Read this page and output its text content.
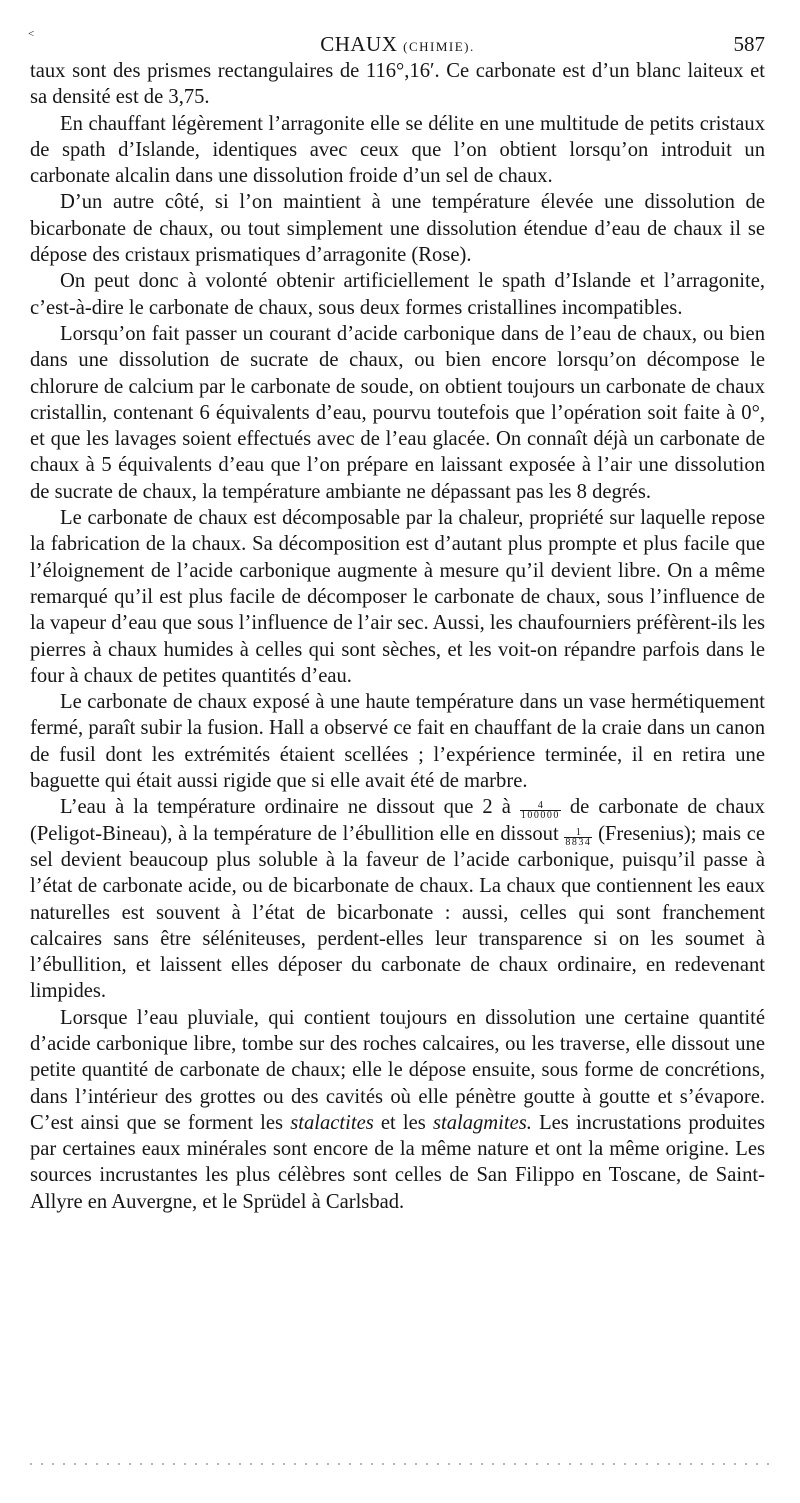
<	CHAUX (CHIMIE).	587

taux sont des prismes rectangulaires de 116°,16′. Ce carbonate est d’un blanc laiteux et sa densité est de 3,75.

En chauffant légèrement l’arragonite elle se délite en une multitude de petits cristaux de spath d’Islande, identiques avec ceux que l’on obtient lorsqu’on introduit un carbonate alcalin dans une dissolution froide d’un sel de chaux.

D’un autre côté, si l’on maintient à une température élevée une dissolution de bicarbonate de chaux, ou tout simplement une dissolution étendue d’eau de chaux il se dépose des cristaux prismatiques d’arragonite (Rose).

On peut donc à volonté obtenir artificiellement le spath d’Islande et l’arragonite, c’est-à-dire le carbonate de chaux, sous deux formes cristallines incompatibles.

Lorsqu’on fait passer un courant d’acide carbonique dans de l’eau de chaux, ou bien dans une dissolution de sucrate de chaux, ou bien encore lorsqu’on décompose le chlorure de calcium par le carbonate de soude, on obtient toujours un carbonate de chaux cristallin, contenant 6 équivalents d’eau, pourvu toutefois que l’opération soit faite à 0°, et que les lavages soient effectués avec de l’eau glacée. On connaît déjà un carbonate de chaux à 5 équivalents d’eau que l’on prépare en laissant exposée à l’air une dissolution de sucrate de chaux, la température ambiante ne dépassant pas les 8 degrés.

Le carbonate de chaux est décomposable par la chaleur, propriété sur laquelle repose la fabrication de la chaux. Sa décomposition est d’autant plus prompte et plus facile que l’éloignement de l’acide carbonique augmente à mesure qu’il devient libre. On a même remarqué qu’il est plus facile de décomposer le carbonate de chaux, sous l’influence de la vapeur d’eau que sous l’influence de l’air sec. Aussi, les chaufourniers préfèrent-ils les pierres à chaux humides à celles qui sont sèches, et les voit-on répandre parfois dans le four à chaux de petites quantités d’eau.

Le carbonate de chaux exposé à une haute température dans un vase hermétiquement fermé, paraît subir la fusion. Hall a observé ce fait en chauffant de la craie dans un canon de fusil dont les extrémités étaient scellées ; l’expérience terminée, il en retira une baguette qui était aussi rigide que si elle avait été de marbre.

L’eau à la température ordinaire ne dissout que 2 à $\frac{4}{100000}$ de carbonate de chaux (Peligot-Bineau), à la température de l’ébullition elle en dissout $\frac{1}{8834}$ (Fresenius); mais ce sel devient beaucoup plus soluble à la faveur de l’acide carbonique, puisqu’il passe à l’état de carbonate acide, ou de bicarbonate de chaux. La chaux que contiennent les eaux naturelles est souvent à l’état de bicarbonate : aussi, celles qui sont franchement calcaires sans être séléniteuses, perdent-elles leur transparence si on les soumet à l’ébullition, et laissent elles déposer du carbonate de chaux ordinaire, en redevenant limpides.

Lorsque l’eau pluviale, qui contient toujours en dissolution une certaine quantité d’acide carbonique libre, tombe sur des roches calcaires, ou les traverse, elle dissout une petite quantité de carbonate de chaux; elle le dépose ensuite, sous forme de concrétions, dans l’intérieur des grottes ou des cavités où elle pénètre goutte à goutte et s’évapore. C’est ainsi que se forment les stalactites et les stalagmites. Les incrustations produites par certaines eaux minérales sont encore de la même nature et ont la même origine. Les sources incrustantes les plus célèbres sont celles de San Filippo en Toscane, de Saint-Allyre en Auvergne, et le Sprüdel à Carlsbad.
